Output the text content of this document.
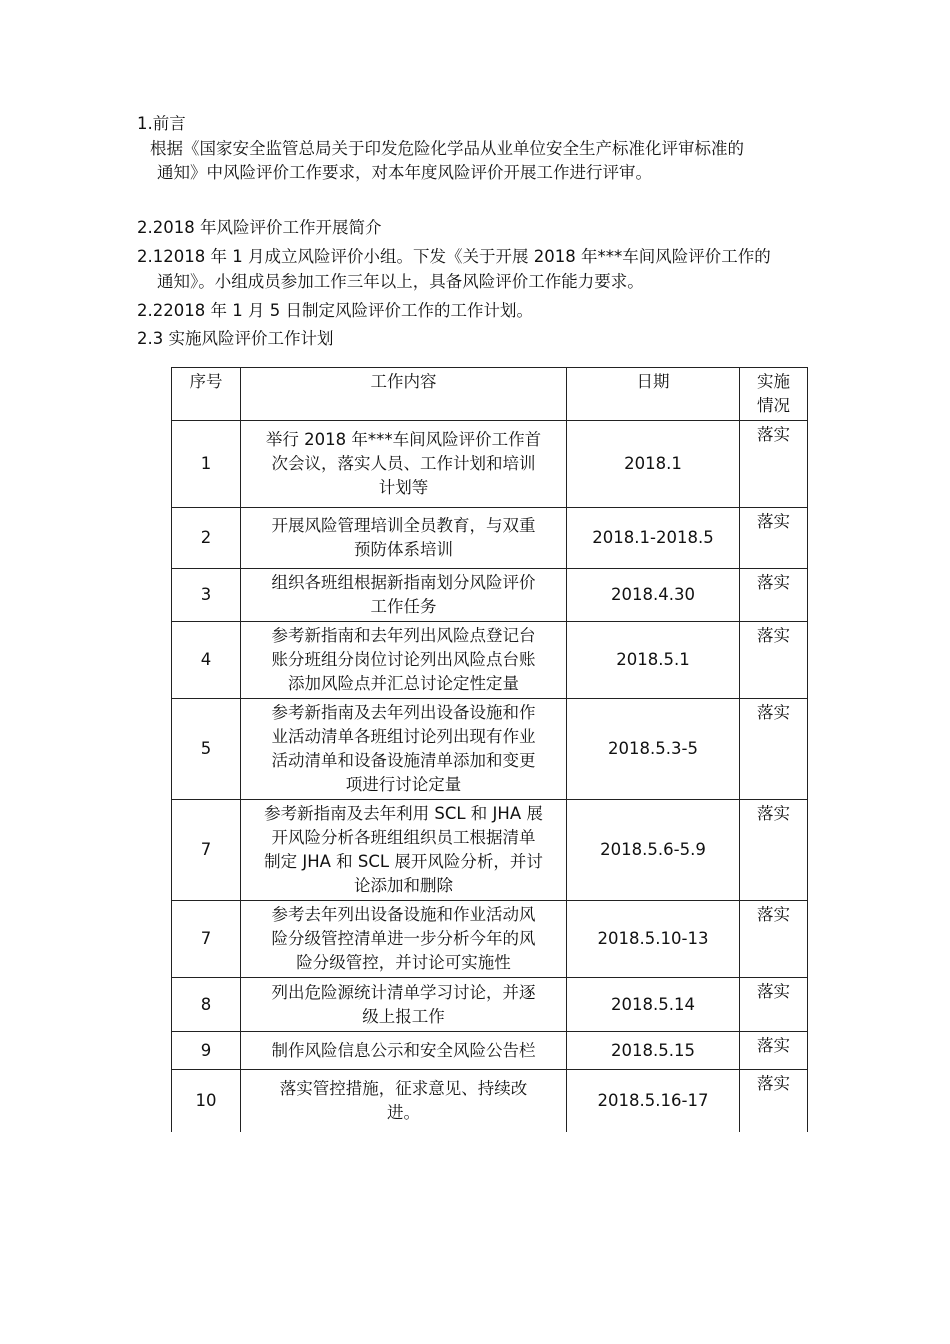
1.前言
根据《国家安全监管总局关于印发危险化学品从业单位安全生产标准化评审标准的
通知》中风险评价工作要求，对本年度风险评价开展工作进行评审。
2.2018 年风险评价工作开展简介
2.12018 年 1 月成立风险评价小组。下发《关于开展 2018 年***车间风险评价工作的
通知》。小组成员参加工作三年以上，具备风险评价工作能力要求。
2.22018 年 1 月 5 日制定风险评价工作的工作计划。
2.3 实施风险评价工作计划
序号	工作内容	日期	实施
情况

1	举行 2018 年***车间风险评价工作首
次会议，落实人员、工作计划和培训
计划等	2018.1	落实
2	开展风险管理培训全员教育，与双重
预防体系培训	2018.1-2018.5	落实
3	组织各班组根据新指南划分风险评价
工作任务	2018.4.30	落实
4	参考新指南和去年列出风险点登记台
账分班组分岗位讨论列出风险点台账
添加风险点并汇总讨论定性定量	2018.5.1	落实
5	参考新指南及去年列出设备设施和作
业活动清单各班组讨论列出现有作业
活动清单和设备设施清单添加和变更
项进行讨论定量	2018.5.3-5	落实
7	参考新指南及去年利用 SCL 和 JHA 展
开风险分析各班组组织员工根据清单
制定 JHA 和 SCL 展开风险分析，并讨
论添加和删除	2018.5.6-5.9	落实
7	参考去年列出设备设施和作业活动风
险分级管控清单进一步分析今年的风
险分级管控，并讨论可实施性	2018.5.10-13	落实
8	列出危险源统计清单学习讨论，并逐
级上报工作	2018.5.14	落实
9	制作风险信息公示和安全风险公告栏	2018.5.15	落实
10	落实管控措施，征求意见、持续改
进。	2018.5.16-17	落实
